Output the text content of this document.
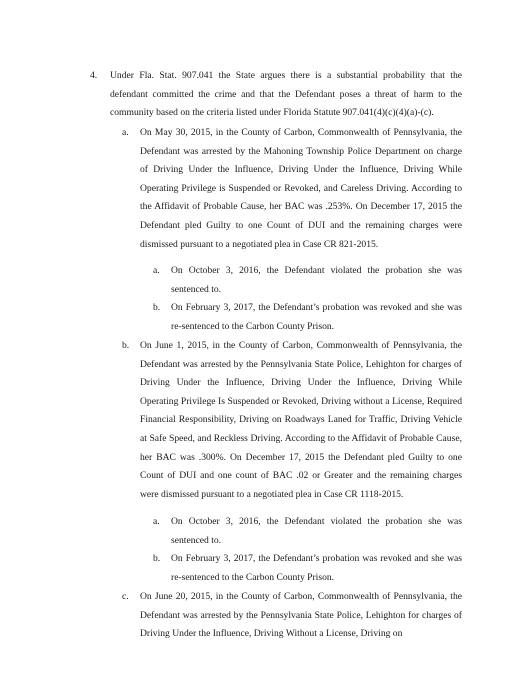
4. Under Fla. Stat. 907.041 the State argues there is a substantial probability that the defendant committed the crime and that the Defendant poses a threat of harm to the community based on the criteria listed under Florida Statute 907.041(4)(c)(4)(a)-(c).
a. On May 30, 2015, in the County of Carbon, Commonwealth of Pennsylvania, the Defendant was arrested by the Mahoning Township Police Department on charge of Driving Under the Influence, Driving Under the Influence, Driving While Operating Privilege is Suspended or Revoked, and Careless Driving. According to the Affidavit of Probable Cause, her BAC was .253%. On December 17, 2015 the Defendant pled Guilty to one Count of DUI and the remaining charges were dismissed pursuant to a negotiated plea in Case CR 821-2015.
a. On October 3, 2016, the Defendant violated the probation she was sentenced to.
b. On February 3, 2017, the Defendant’s probation was revoked and she was re-sentenced to the Carbon County Prison.
b. On June 1, 2015, in the County of Carbon, Commonwealth of Pennsylvania, the Defendant was arrested by the Pennsylvania State Police, Lehighton for charges of Driving Under the Influence, Driving Under the Influence, Driving While Operating Privilege Is Suspended or Revoked, Driving without a License, Required Financial Responsibility, Driving on Roadways Laned for Traffic, Driving Vehicle at Safe Speed, and Reckless Driving. According to the Affidavit of Probable Cause, her BAC was .300%. On December 17, 2015 the Defendant pled Guilty to one Count of DUI and one count of BAC .02 or Greater and the remaining charges were dismissed pursuant to a negotiated plea in Case CR 1118-2015.
a. On October 3, 2016, the Defendant violated the probation she was sentenced to.
b. On February 3, 2017, the Defendant’s probation was revoked and she was re-sentenced to the Carbon County Prison.
c. On June 20, 2015, in the County of Carbon, Commonwealth of Pennsylvania, the Defendant was arrested by the Pennsylvania State Police, Lehighton for charges of Driving Under the Influence, Driving Without a License, Driving on
